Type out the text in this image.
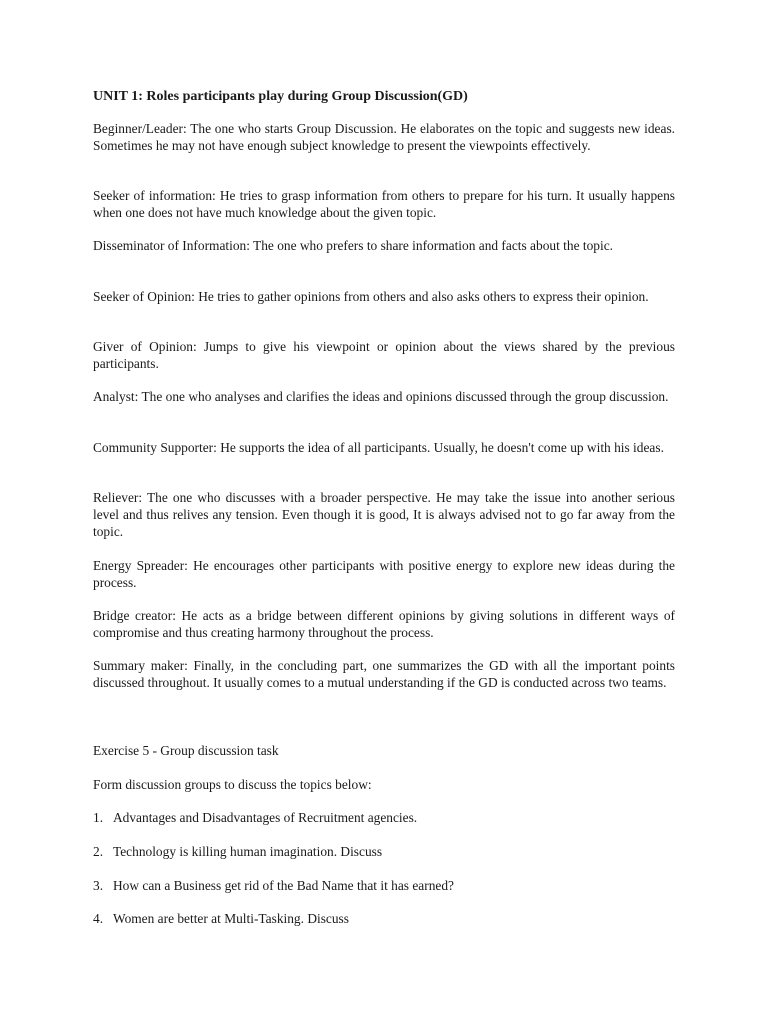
UNIT 1: Roles participants play during Group Discussion(GD)

Beginner/Leader: The one who starts Group Discussion. He elaborates on the topic and suggests new ideas. Sometimes he may not have enough subject knowledge to present the viewpoints effectively.

Seeker of information: He tries to grasp information from others to prepare for his turn. It usually happens when one does not have much knowledge about the given topic.

Disseminator of Information: The one who prefers to share information and facts about the topic.

Seeker of Opinion: He tries to gather opinions from others and also asks others to express their opinion.

Giver of Opinion: Jumps to give his viewpoint or opinion about the views shared by the previous participants.

Analyst: The one who analyses and clarifies the ideas and opinions discussed through the group discussion.

Community Supporter: He supports the idea of all participants. Usually, he doesn't come up with his ideas.

Reliever: The one who discusses with a broader perspective. He may take the issue into another serious level and thus relives any tension. Even though it is good, It is always advised not to go far away from the topic.

Energy Spreader: He encourages other participants with positive energy to explore new ideas during the process.

Bridge creator: He acts as a bridge between different opinions by giving solutions in different ways of compromise and thus creating harmony throughout the process.

Summary maker: Finally, in the concluding part, one summarizes the GD with all the important points discussed throughout. It usually comes to a mutual understanding if the GD is conducted across two teams.

Exercise 5 - Group discussion task

Form discussion groups to discuss the topics below:

1. Advantages and Disadvantages of Recruitment agencies.
2. Technology is killing human imagination. Discuss
3. How can a Business get rid of the Bad Name that it has earned?
4. Women are better at Multi-Tasking. Discuss
